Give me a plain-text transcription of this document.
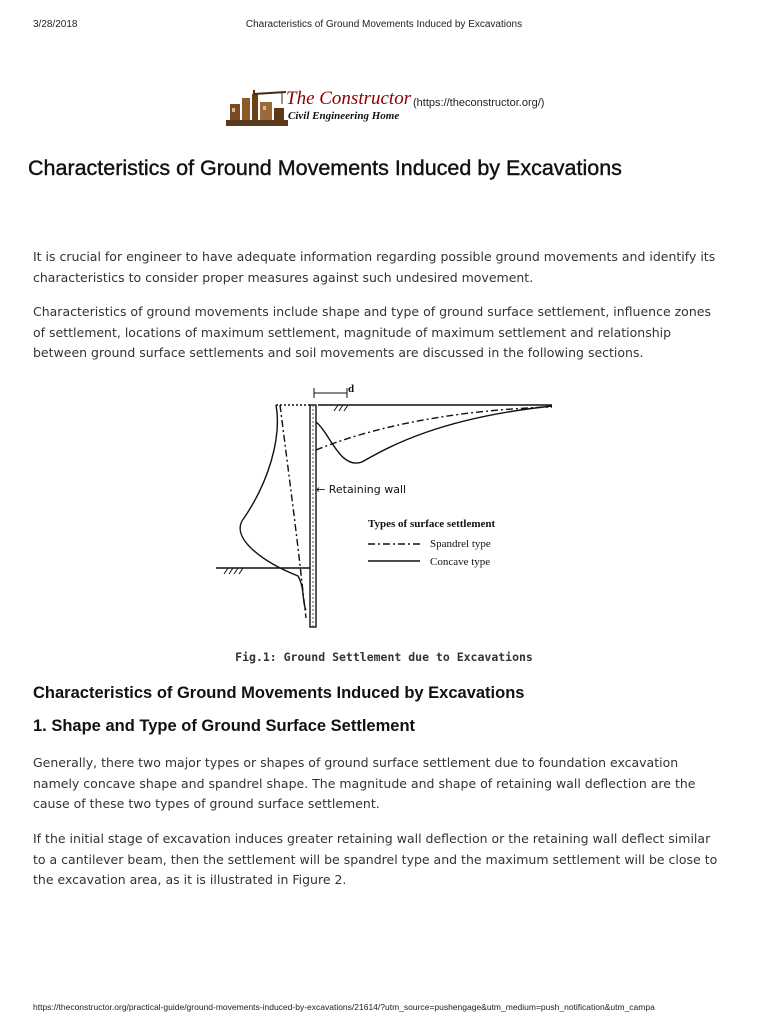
3/28/2018	Characteristics of Ground Movements Induced by Excavations
The Constructor
Civil Engineering Home
(https://theconstructor.org/)
Characteristics of Ground Movements Induced by Excavations

It is crucial for engineer to have adequate information regarding possible ground movements and identify its characteristics to consider proper measures against such undesired movement.

Characteristics of ground movements include shape and type of ground surface settlement, influence zones of settlement, locations of maximum settlement, magnitude of maximum settlement and relationship between ground surface settlements and soil movements are discussed in the following sections.

d
← Retaining wall
Types of surface settlement
Spandrel type
Concave type
Fig.1: Ground Settlement due to Excavations
Characteristics of Ground Movements Induced by Excavations
1. Shape and Type of Ground Surface Settlement

Generally, there two major types or shapes of ground surface settlement due to foundation excavation namely concave shape and spandrel shape. The magnitude and shape of retaining wall deflection are the cause of these two types of ground surface settlement.

If the initial stage of excavation induces greater retaining wall deflection or the retaining wall deflect similar to a cantilever beam, then the settlement will be spandrel type and the maximum settlement will be close to the excavation area, as it is illustrated in Figure 2.

https://theconstructor.org/practical-guide/ground-movements-induced-by-excavations/21614/?utm_source=pushengage&utm_medium=push_notification&utm_campa
